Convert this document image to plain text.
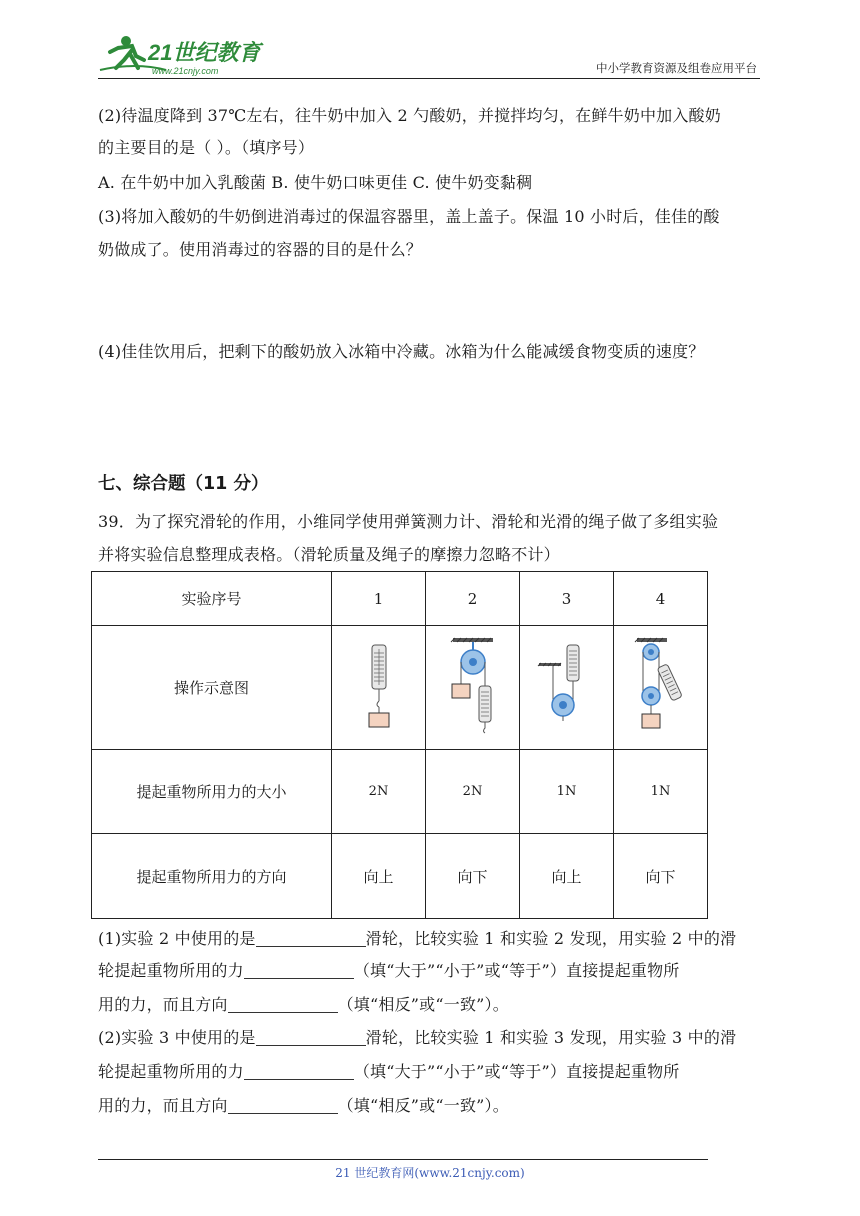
21世纪教育
www.21cnjy.com	中小学教育资源及组卷应用平台
(2)待温度降到 37℃左右，往牛奶中加入 2 勺酸奶，并搅拌均匀，在鲜牛奶中加入酸奶
的主要目的是（ ）。（填序号）
A. 在牛奶中加入乳酸菌 B. 使牛奶口味更佳 C. 使牛奶变黏稠
(3)将加入酸奶的牛奶倒进消毒过的保温容器里，盖上盖子。保温 10 小时后，佳佳的酸
奶做成了。使用消毒过的容器的目的是什么？
(4)佳佳饮用后，把剩下的酸奶放入冰箱中冷藏。冰箱为什么能减缓食物变质的速度？
七、综合题（11 分）
39．为了探究滑轮的作用，小维同学使用弹簧测力计、滑轮和光滑的绳子做了多组实验
并将实验信息整理成表格。（滑轮质量及绳子的摩擦力忽略不计）
实验序号	1	2	3	4
操作示意图				
提起重物所用力的大小	2N	2N	1N	1N
提起重物所用力的方向	向上	向下	向上	向下
(1)实验 2 中使用的是	滑轮，比较实验 1 和实验 2 发现，用实验 2 中的滑
轮提起重物所用的力	（填“大于”“小于”或“等于”）直接提起重物所
用的力，而且方向	（填“相反”或“一致”）。
(2)实验 3 中使用的是	滑轮，比较实验 1 和实验 3 发现，用实验 3 中的滑
轮提起重物所用的力	（填“大于”“小于”或“等于”）直接提起重物所
用的力，而且方向	（填“相反”或“一致”）。
21 世纪教育网(www.21cnjy.com)
